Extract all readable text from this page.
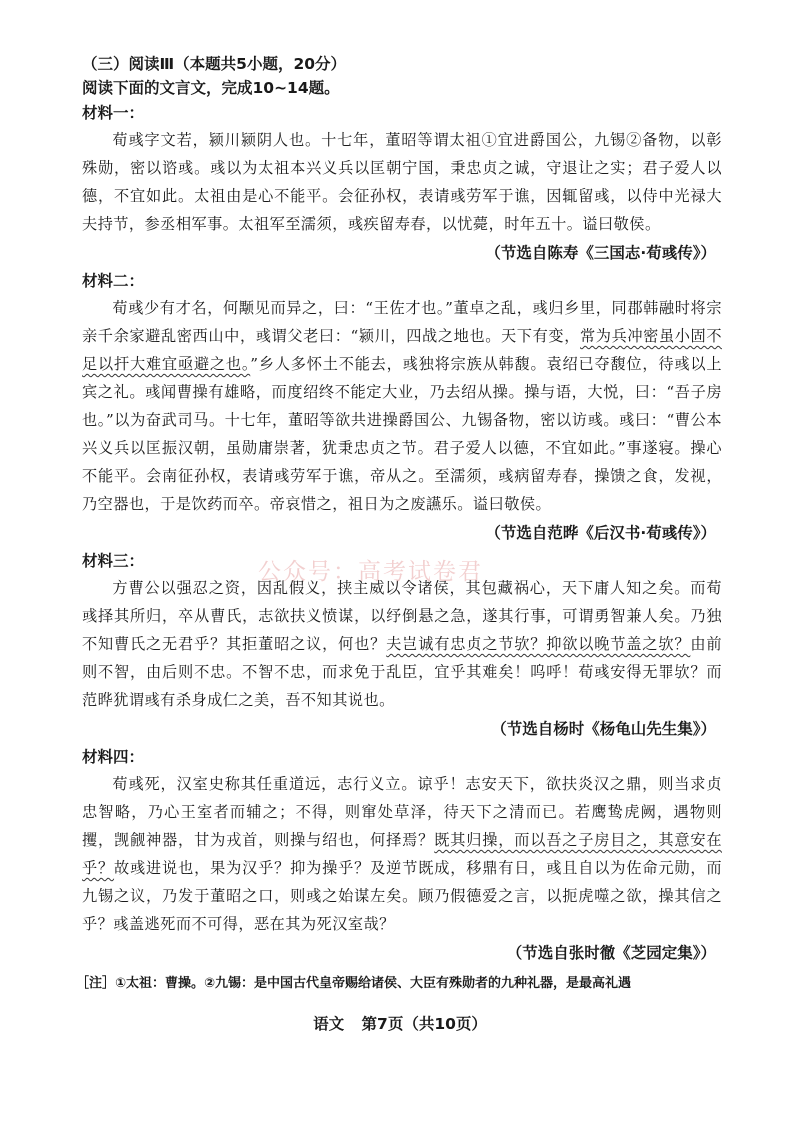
（三）阅读Ⅲ（本题共5小题，20分）

阅读下面的文言文，完成10~14题。

材料一：

荀彧字文若，颍川颍阴人也。十七年，董昭等谓太祖①宜进爵国公，九锡②备物，以彰殊勋，密以谘彧。彧以为太祖本兴义兵以匡朝宁国，秉忠贞之诚，守退让之实；君子爱人以德，不宜如此。太祖由是心不能平。会征孙权，表请彧劳军于谯，因辄留彧，以侍中光禄大夫持节，参丞相军事。太祖军至濡须，彧疾留寿春，以忧薨，时年五十。谥曰敬侯。

（节选自陈寿《三国志·荀彧传》）

材料二：

荀彧少有才名，何颙见而异之，曰：“王佐才也。”董卓之乱，彧归乡里，同郡韩融时将宗亲千余家避乱密西山中，彧谓父老曰：“颍川，四战之地也。天下有变，常为兵冲密虽小固不足以扞大难宜亟避之也。”乡人多怀土不能去，彧独将宗族从韩馥。袁绍已夺馥位，待彧以上宾之礼。彧闻曹操有雄略，而度绍终不能定大业，乃去绍从操。操与语，大悦，曰：“吾子房也。”以为奋武司马。十七年，董昭等欲共进操爵国公、九锡备物，密以访彧。彧曰：“曹公本兴义兵以匡振汉朝，虽勋庸崇著，犹秉忠贞之节。君子爱人以德，不宜如此。”事遂寝。操心不能平。会南征孙权，表请彧劳军于谯，帝从之。至濡须，彧病留寿春，操馈之食，发视，乃空器也，于是饮药而卒。帝哀惜之，祖日为之废讌乐。谥曰敬侯。

（节选自范晔《后汉书·荀彧传》）

材料三：

方曹公以强忍之资，因乱假义，挟主威以令诸侯，其包藏祸心，天下庸人知之矣。而荀彧择其所归，卒从曹氏，志欲扶义愤谋，以纾倒悬之急，遂其行事，可谓勇智兼人矣。乃独不知曹氏之无君乎？其拒董昭之议，何也？夫岂诚有忠贞之节欤？抑欲以晚节盖之欤？由前则不智，由后则不忠。不智不忠，而求免于乱臣，宜乎其难矣！呜呼！荀彧安得无罪欤？而范晔犹谓彧有杀身成仁之美，吾不知其说也。

（节选自杨时《杨龟山先生集》）

材料四：

荀彧死，汉室史称其任重道远，志行义立。谅乎！志安天下，欲扶炎汉之鼎，则当求贞忠智略，乃心王室者而辅之；不得，则窜处草泽，待天下之清而已。若鹰鸷虎阙，遇物则攫，觊觎神器，甘为戎首，则操与绍也，何择焉？既其归操，而以吾之子房目之，其意安在乎？故彧进说也，果为汉乎？抑为操乎？及逆节既成，移鼎有日，彧且自以为佐命元勋，而九锡之议，乃发于董昭之口，则彧之始谋左矣。顾乃假德爱之言，以扼虎噬之欲，操其信之乎？彧盖逃死而不可得，恶在其为死汉室哉？

（节选自张时徹《芝园定集》）

［注］①太祖：曹操。②九锡：是中国古代皇帝赐给诸侯、大臣有殊勋者的九种礼器，是最高礼遇

公众号：高考试卷君
语文 第7页（共10页）
